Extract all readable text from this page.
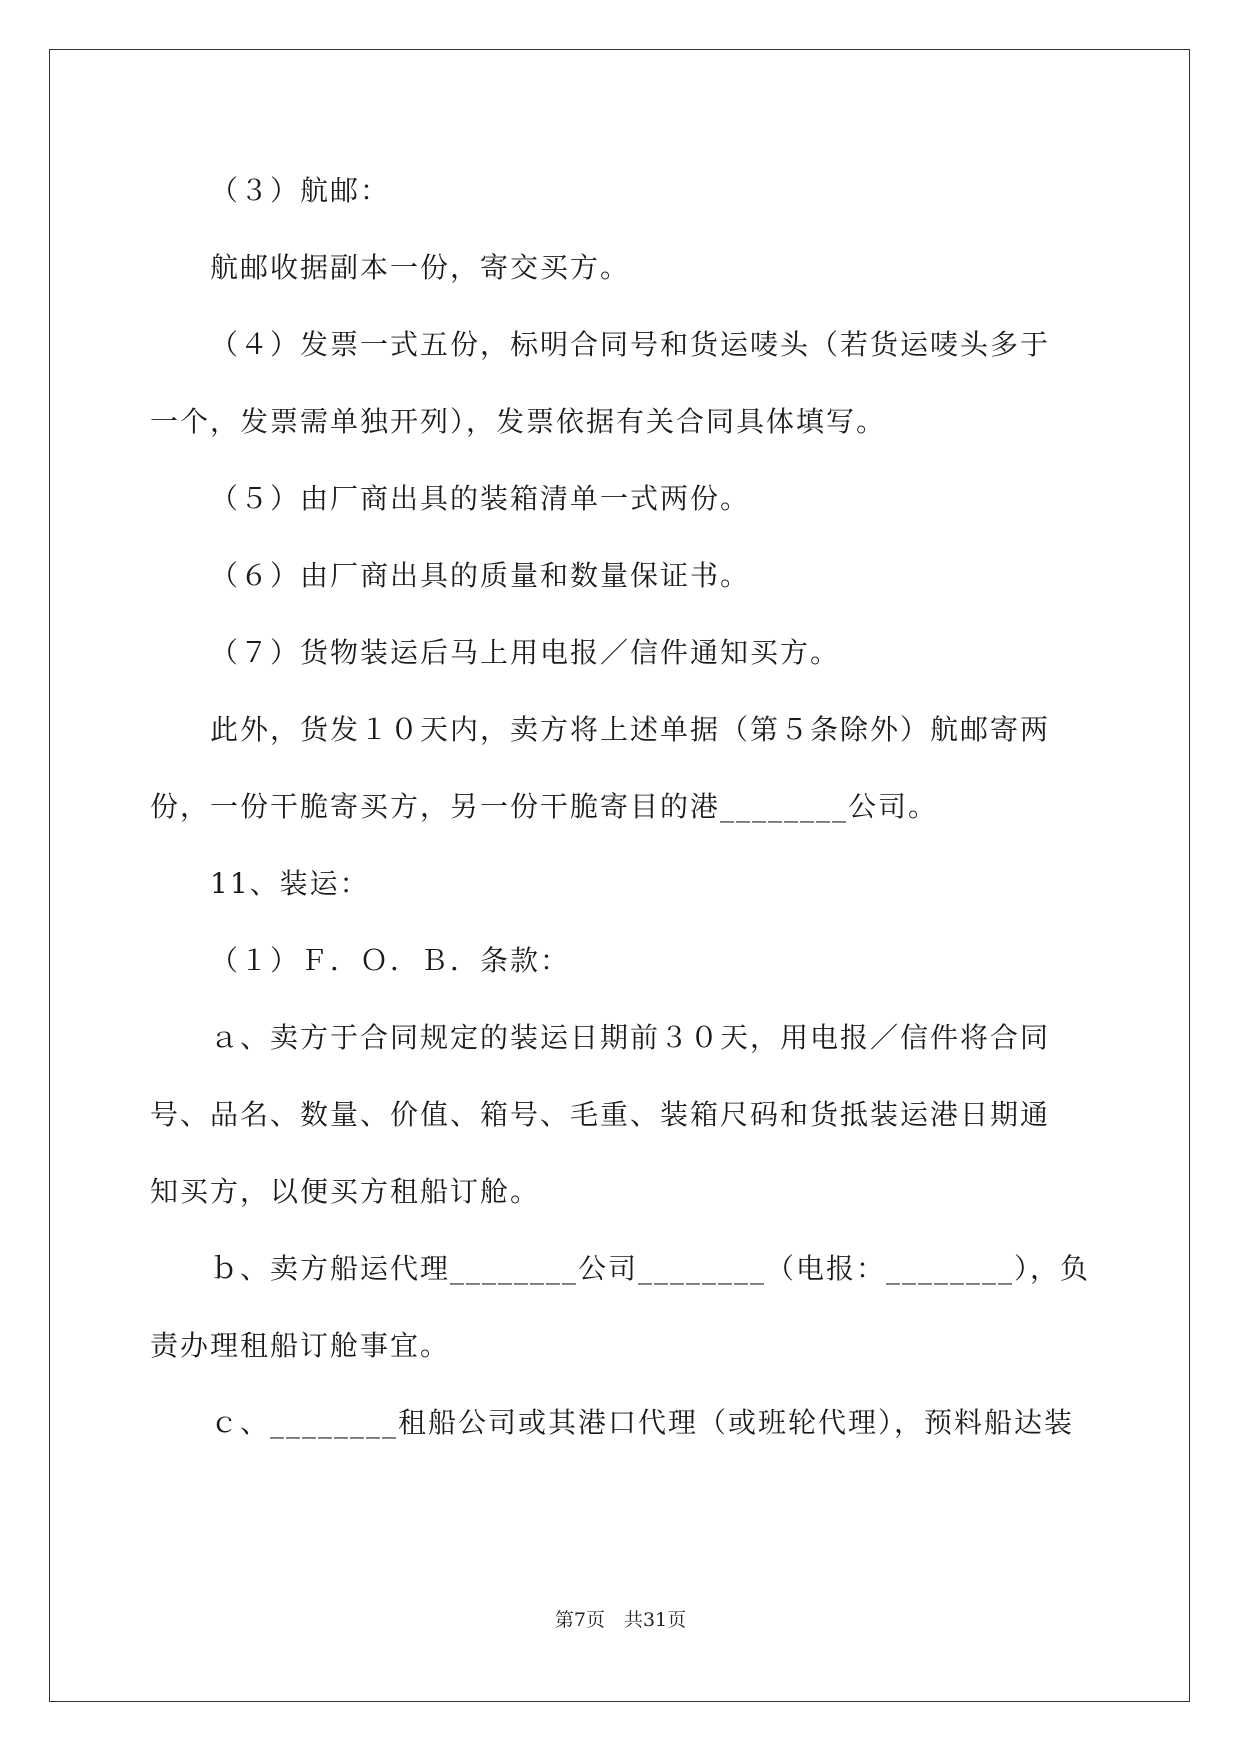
（３）航邮：
航邮收据副本一份，寄交买方。
（４）发票一式五份，标明合同号和货运唛头（若货运唛头多于
一个，发票需单独开列），发票依据有关合同具体填写。
（５）由厂商出具的装箱清单一式两份。
（６）由厂商出具的质量和数量保证书。
（７）货物装运后马上用电报／信件通知买方。
此外，货发１０天内，卖方将上述单据（第５条除外）航邮寄两
份，一份干脆寄买方，另一份干脆寄目的港________公司。
11、装运：
（１）Ｆ．Ｏ．Ｂ．条款：
ａ、卖方于合同规定的装运日期前３０天，用电报／信件将合同
号、品名、数量、价值、箱号、毛重、装箱尺码和货抵装运港日期通
知买方，以便买方租船订舱。
ｂ、卖方船运代理________公司________（电报：________），负
责办理租船订舱事宜。
ｃ、________租船公司或其港口代理（或班轮代理），预料船达装
第7页　共31页
